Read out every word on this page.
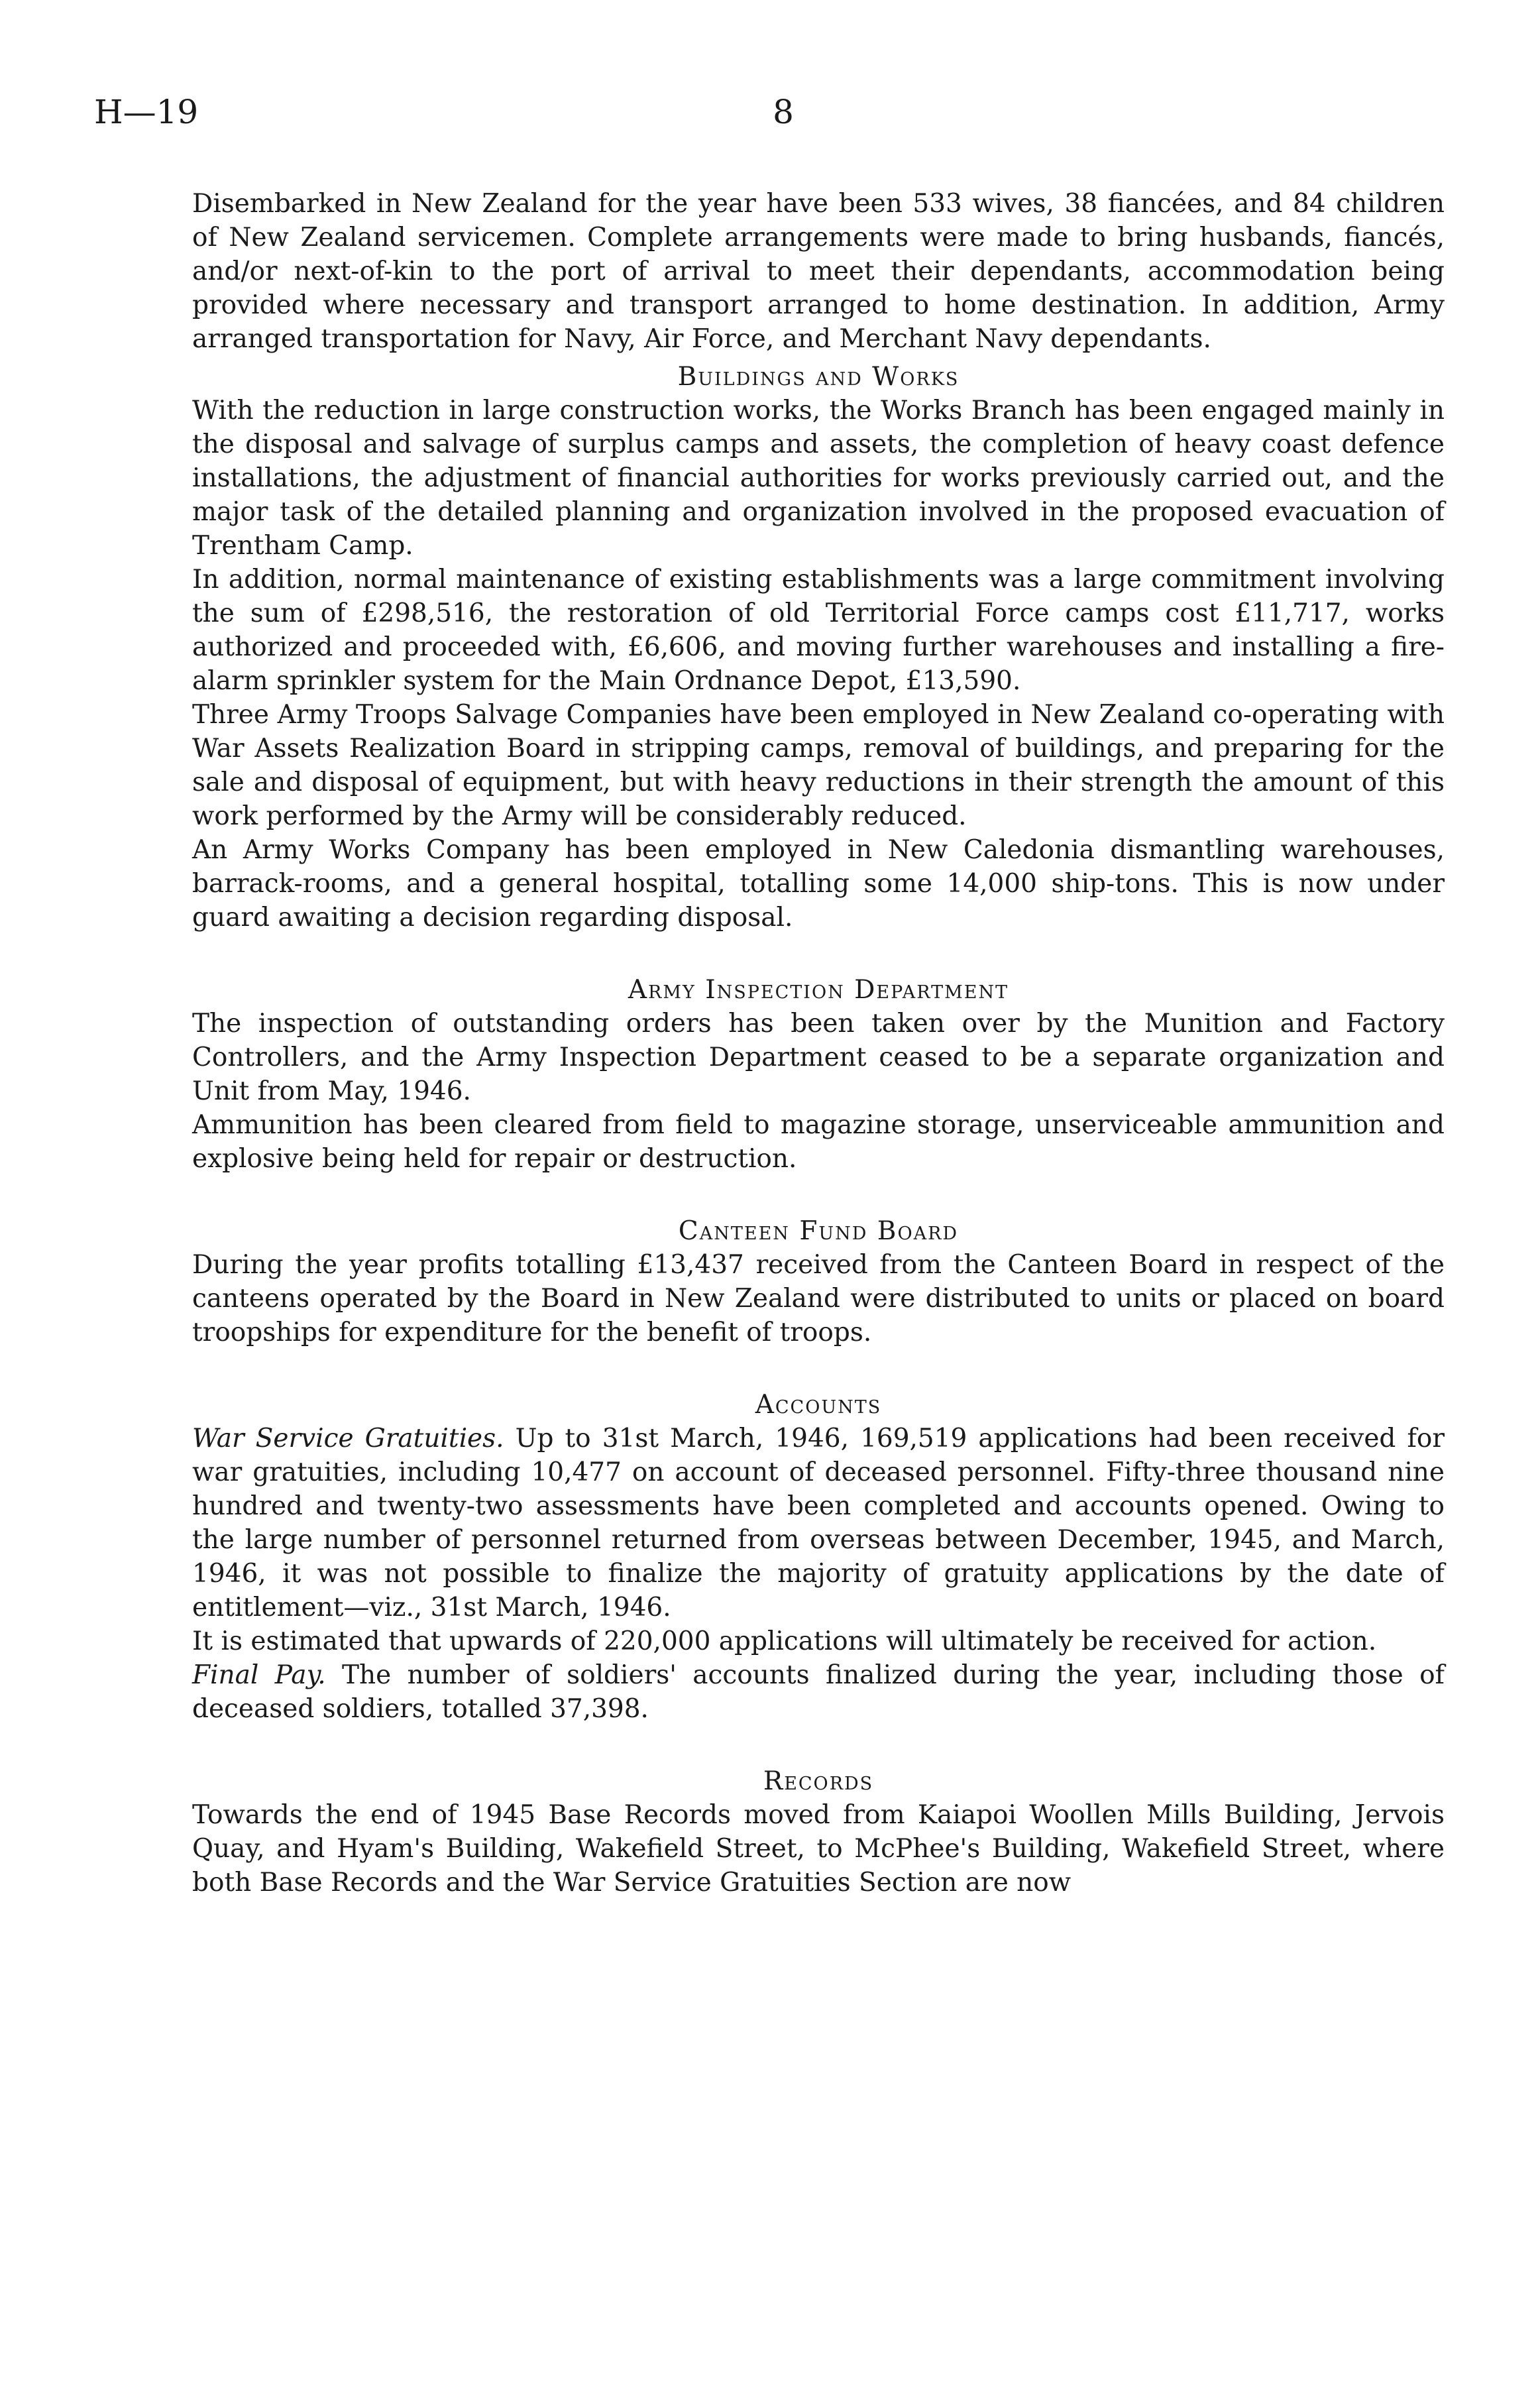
H—19	8

Disembarked in New Zealand for the year have been 533 wives, 38 fiancées, and 84 children of New Zealand servicemen. Complete arrangements were made to bring husbands, fiancés, and/or next-of-kin to the port of arrival to meet their dependants, accommodation being provided where necessary and transport arranged to home destination. In addition, Army arranged transportation for Navy, Air Force, and Merchant Navy dependants.

Buildings and Works

With the reduction in large construction works, the Works Branch has been engaged mainly in the disposal and salvage of surplus camps and assets, the completion of heavy coast defence installations, the adjustment of financial authorities for works previously carried out, and the major task of the detailed planning and organization involved in the proposed evacuation of Trentham Camp.

In addition, normal maintenance of existing establishments was a large commitment involving the sum of £298,516, the restoration of old Territorial Force camps cost £11,717, works authorized and proceeded with, £6,606, and moving further warehouses and installing a fire-alarm sprinkler system for the Main Ordnance Depot, £13,590.

Three Army Troops Salvage Companies have been employed in New Zealand co-operating with War Assets Realization Board in stripping camps, removal of buildings, and preparing for the sale and disposal of equipment, but with heavy reductions in their strength the amount of this work performed by the Army will be considerably reduced.

An Army Works Company has been employed in New Caledonia dismantling warehouses, barrack-rooms, and a general hospital, totalling some 14,000 ship-tons. This is now under guard awaiting a decision regarding disposal.

Army Inspection Department

The inspection of outstanding orders has been taken over by the Munition and Factory Controllers, and the Army Inspection Department ceased to be a separate organization and Unit from May, 1946.

Ammunition has been cleared from field to magazine storage, unserviceable ammunition and explosive being held for repair or destruction.

Canteen Fund Board

During the year profits totalling £13,437 received from the Canteen Board in respect of the canteens operated by the Board in New Zealand were distributed to units or placed on board troopships for expenditure for the benefit of troops.

Accounts

War Service Gratuities. Up to 31st March, 1946, 169,519 applications had been received for war gratuities, including 10,477 on account of deceased personnel. Fifty-three thousand nine hundred and twenty-two assessments have been completed and accounts opened. Owing to the large number of personnel returned from overseas between December, 1945, and March, 1946, it was not possible to finalize the majority of gratuity applications by the date of entitlement—viz., 31st March, 1946.

It is estimated that upwards of 220,000 applications will ultimately be received for action.

Final Pay. The number of soldiers' accounts finalized during the year, including those of deceased soldiers, totalled 37,398.

Records

Towards the end of 1945 Base Records moved from Kaiapoi Woollen Mills Building, Jervois Quay, and Hyam's Building, Wakefield Street, to McPhee's Building, Wakefield Street, where both Base Records and the War Service Gratuities Section are now
